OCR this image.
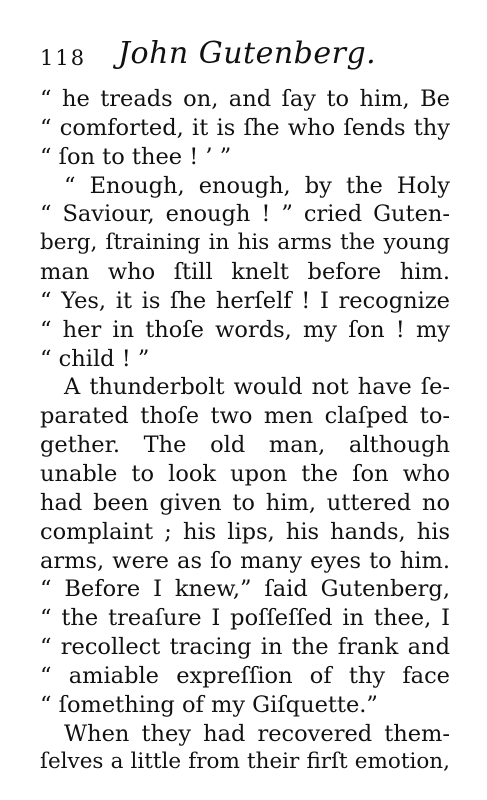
118 John Gutenberg.
“ he treads on, and ſay to him, Be
“ comforted, it is ſhe who ſends thy
“ ſon to thee ! ’ ”
“ Enough, enough, by the Holy
“ Saviour, enough ! ” cried Guten-
berg, ſtraining in his arms the young
man who ſtill knelt before him.
“ Yes, it is ſhe herſelf ! I recognize
“ her in thoſe words, my ſon ! my
“ child ! ”
A thunderbolt would not have ſe-
parated thoſe two men claſped to-
gether. The old man, although
unable to look upon the ſon who
had been given to him, uttered no
complaint ; his lips, his hands, his
arms, were as ſo many eyes to him.
“ Before I knew,” ſaid Gutenberg,
“ the treaſure I poſſeſſed in thee, I
“ recollect tracing in the frank and
“ amiable expreſſion of thy face
“ ſomething of my Giſquette.”
When they had recovered them-
ſelves a little from their firſt emotion,
